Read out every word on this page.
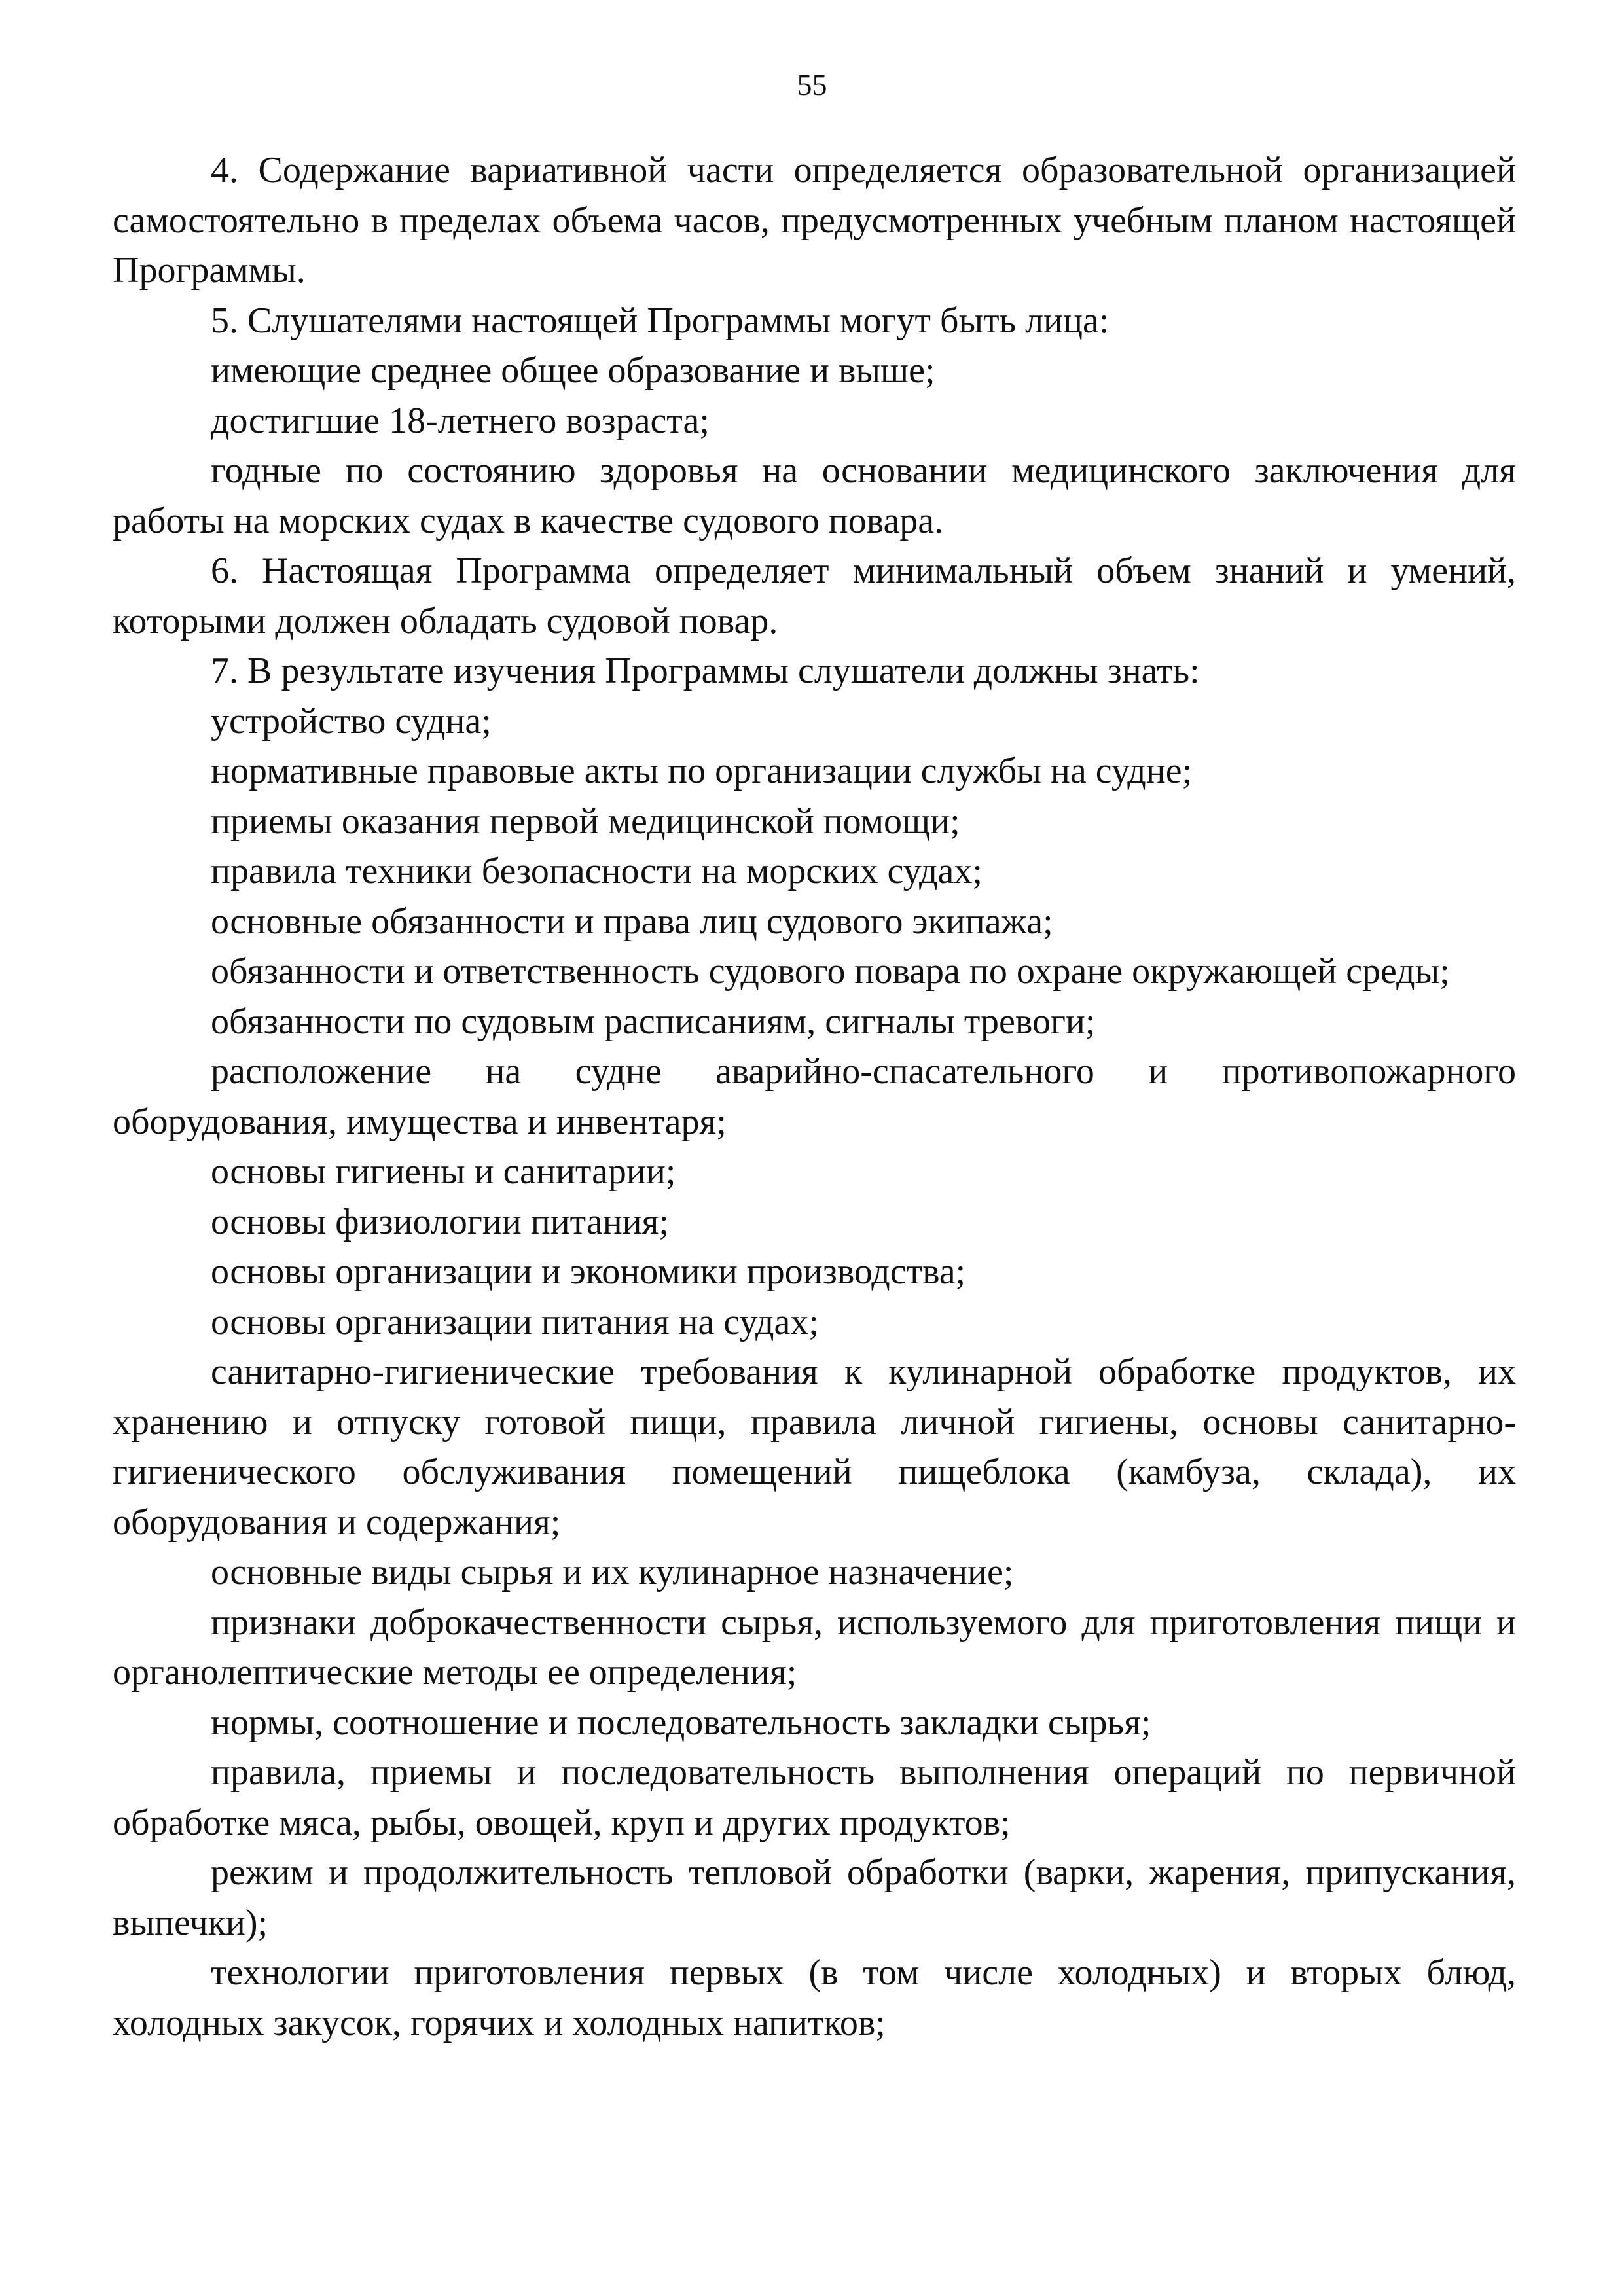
55

4. Содержание вариативной части определяется образовательной организацией самостоятельно в пределах объема часов, предусмотренных учебным планом настоящей Программы.

5. Слушателями настоящей Программы могут быть лица:

имеющие среднее общее образование и выше;

достигшие 18-летнего возраста;

годные по состоянию здоровья на основании медицинского заключения для работы на морских судах в качестве судового повара.

6. Настоящая Программа определяет минимальный объем знаний и умений, которыми должен обладать судовой повар.

7. В результате изучения Программы слушатели должны знать:

устройство судна;

нормативные правовые акты по организации службы на судне;

приемы оказания первой медицинской помощи;

правила техники безопасности на морских судах;

основные обязанности и права лиц судового экипажа;

обязанности и ответственность судового повара по охране окружающей среды;

обязанности по судовым расписаниям, сигналы тревоги;

расположение на судне аварийно-спасательного и противопожарного оборудования, имущества и инвентаря;

основы гигиены и санитарии;

основы физиологии питания;

основы организации и экономики производства;

основы организации питания на судах;

санитарно-гигиенические требования к кулинарной обработке продуктов, их хранению и отпуску готовой пищи, правила личной гигиены, основы санитарно-гигиенического обслуживания помещений пищеблока (камбуза, склада), их оборудования и содержания;

основные виды сырья и их кулинарное назначение;

признаки доброкачественности сырья, используемого для приготовления пищи и органолептические методы ее определения;

нормы, соотношение и последовательность закладки сырья;

правила, приемы и последовательность выполнения операций по первичной обработке мяса, рыбы, овощей, круп и других продуктов;

режим и продолжительность тепловой обработки (варки, жарения, припускания, выпечки);

технологии приготовления первых (в том числе холодных) и вторых блюд, холодных закусок, горячих и холодных напитков;
